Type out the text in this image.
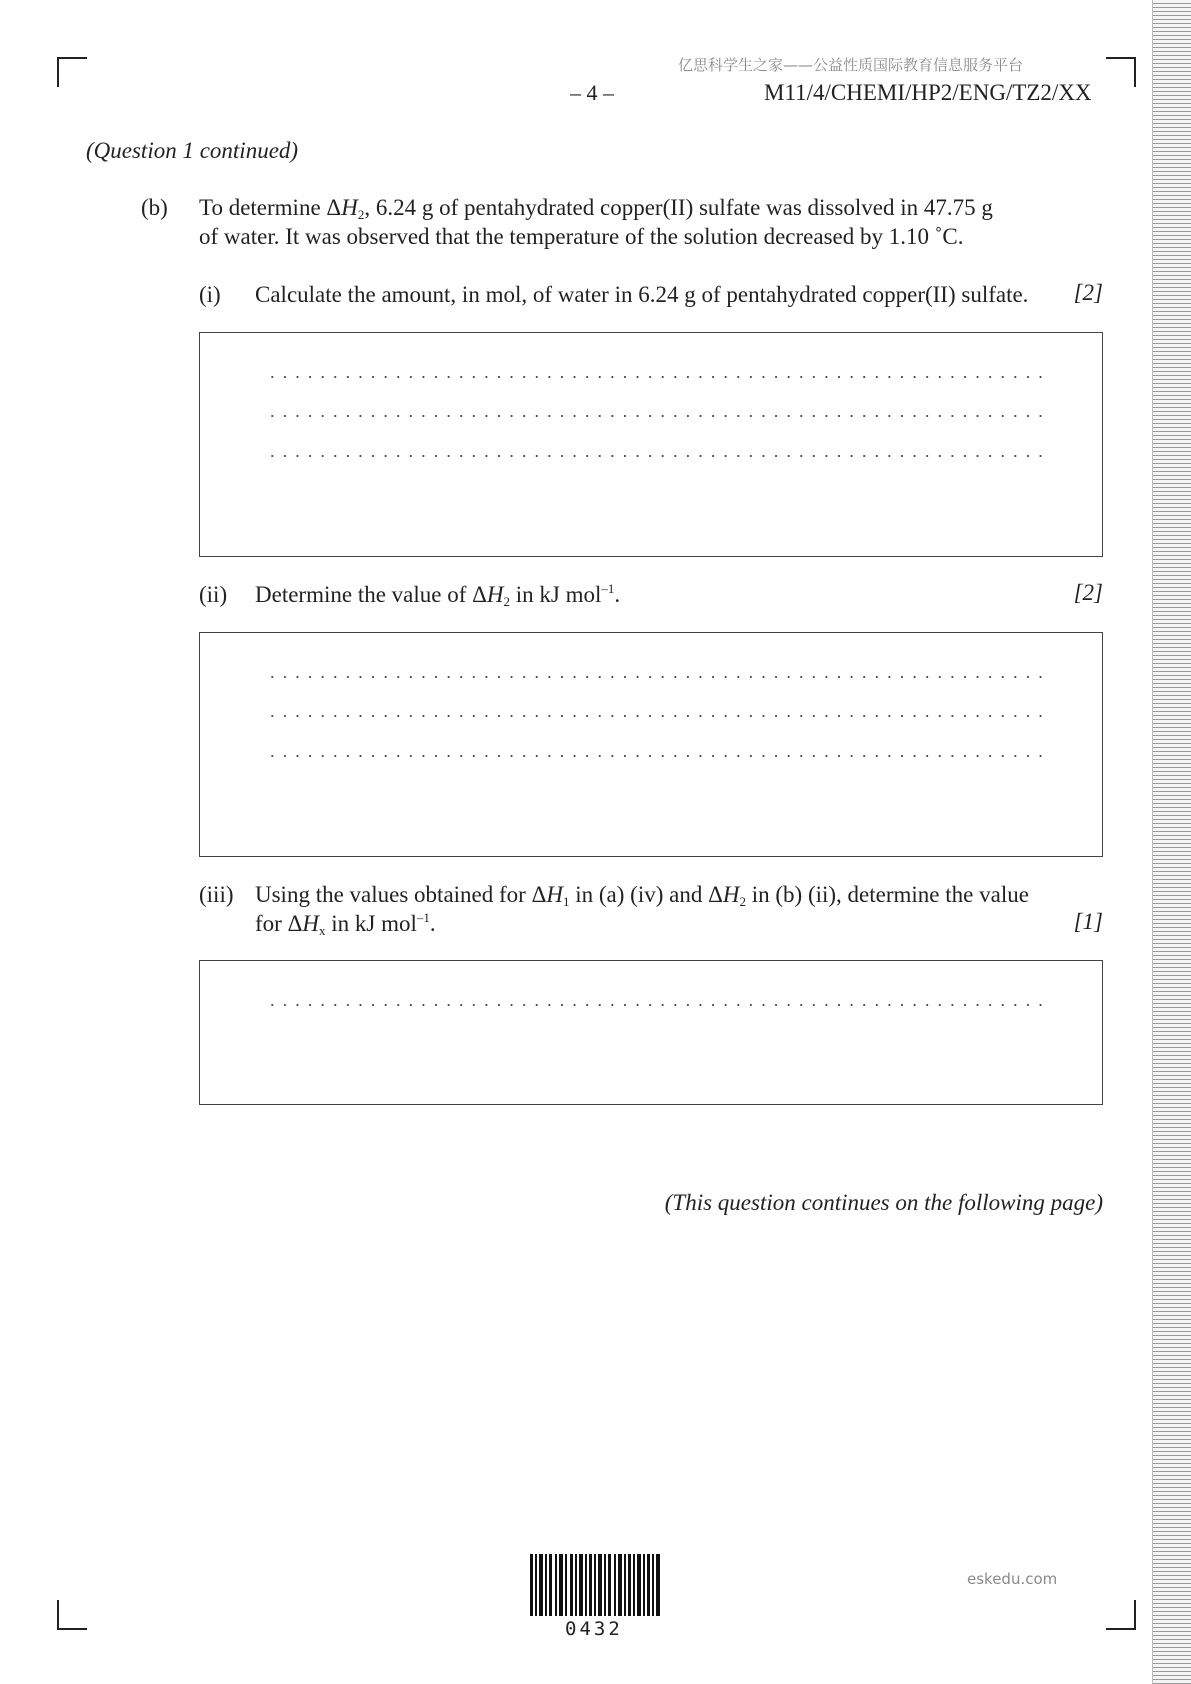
亿思科学生之家——公益性质国际教育信息服务平台
– 4 –	M11/4/CHEMI/HP2/ENG/TZ2/XX
(Question 1 continued)
(b) To determine $\Delta H_2$, 6.24 g of pentahydrated copper(II) sulfate was dissolved in 47.75 g
of water. It was observed that the temperature of the solution decreased by 1.10 ˚C.
(i) Calculate the amount, in mol, of water in 6.24 g of pentahydrated copper(II) sulfate. [2]
(ii) Determine the value of $\Delta H_2$ in kJ mol$^{-1}$.	[2]
(iii) Using the values obtained for $\Delta H_1$ in (a) (iv) and $\Delta H_2$ in (b) (ii), determine the value
for $\Delta H_x$ in kJ mol$^{-1}$.	[1]
(This question continues on the following page)
0432
eskedu.com
